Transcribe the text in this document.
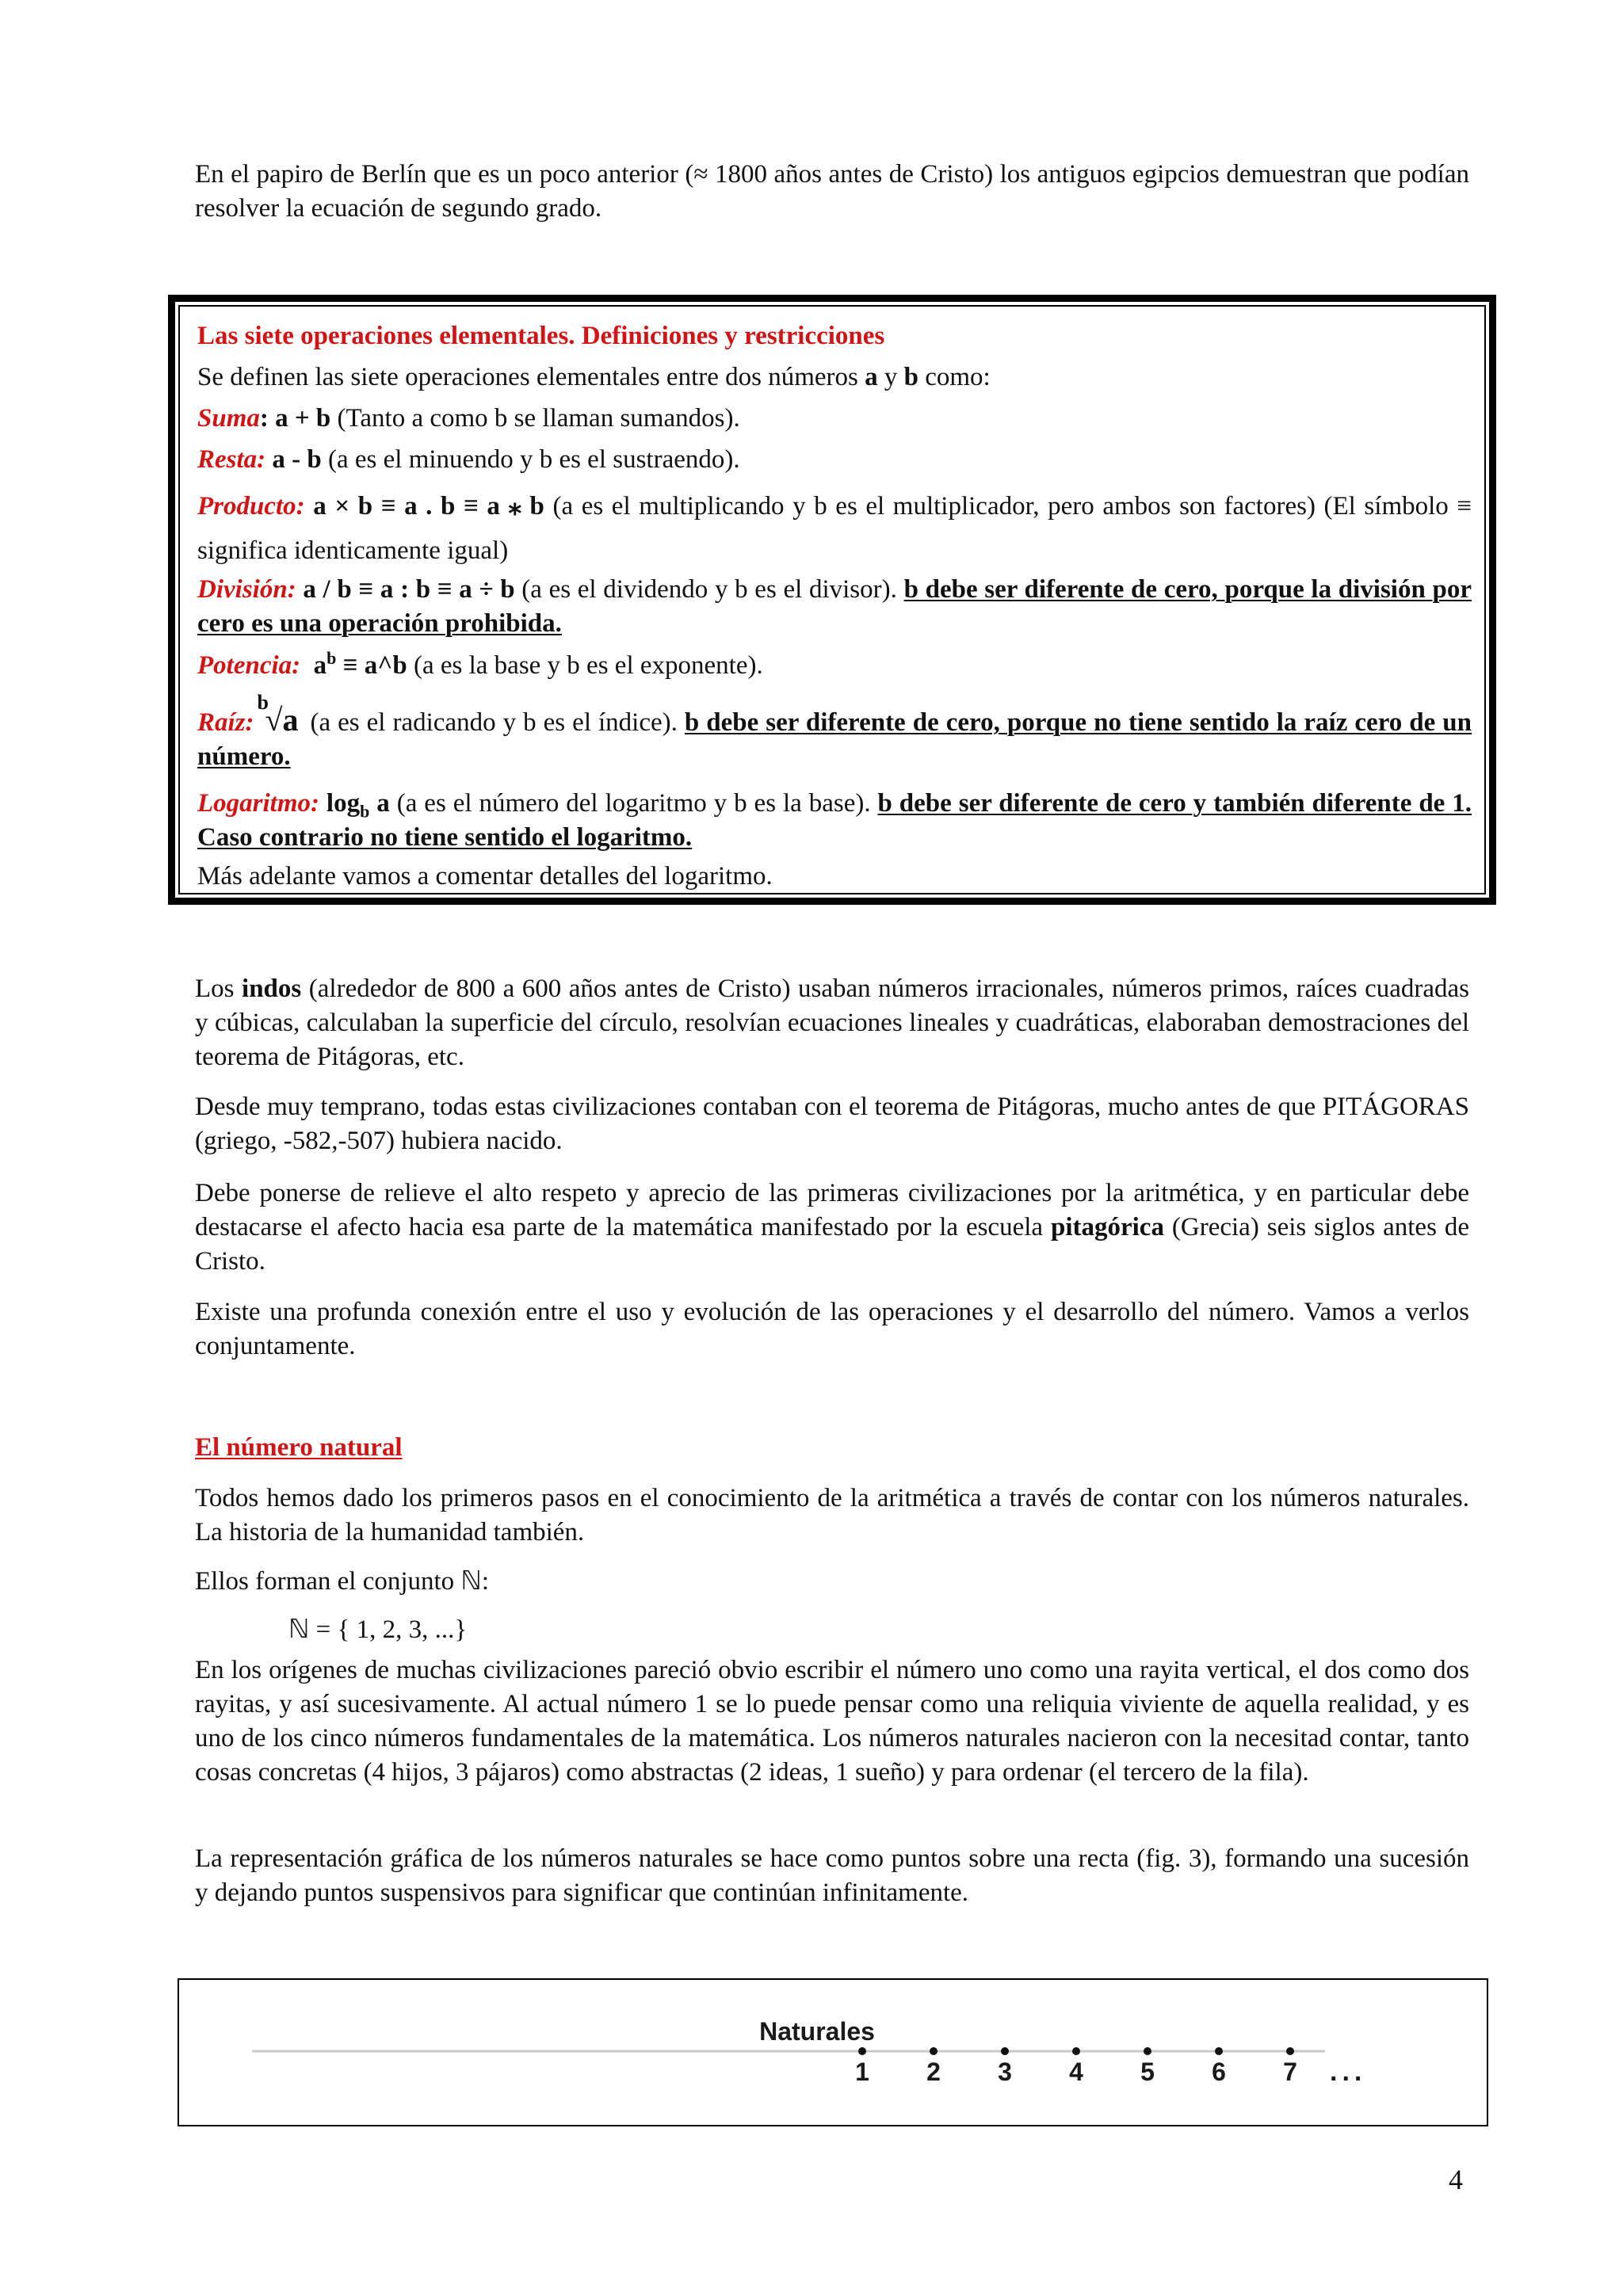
En el papiro de Berlín que es un poco anterior (≈ 1800 años antes de Cristo) los antiguos egipcios demuestran que podían resolver la ecuación de segundo grado.

Las siete operaciones elementales. Definiciones y restricciones

Se definen las siete operaciones elementales entre dos números a y b como:

Suma: a + b (Tanto a como b se llaman sumandos).

Resta: a - b (a es el minuendo y b es el sustraendo).

Producto: a × b ≡ a . b ≡ a ⁎ b (a es el multiplicando y b es el multiplicador, pero ambos son factores) (El símbolo ≡ significa identicamente igual)

División: a / b ≡ a : b ≡ a ÷ b (a es el dividendo y b es el divisor). b debe ser diferente de cero, porque la división por cero es una operación prohibida.

Potencia: $a^b$ ≡ a^b (a es la base y b es el exponente).

Raíz:
b
√a (a es el radicando y b es el índice). b debe ser diferente de cero, porque no tiene sentido la raíz cero de un número.

Logaritmo: $\log_b a$ (a es el número del logaritmo y b es la base). b debe ser diferente de cero y también diferente de 1. Caso contrario no tiene sentido el logaritmo.

Más adelante vamos a comentar detalles del logaritmo.

Los indos (alrededor de 800 a 600 años antes de Cristo) usaban números irracionales, números primos, raíces cuadradas y cúbicas, calculaban la superficie del círculo, resolvían ecuaciones lineales y cuadráticas, elaboraban demostraciones del teorema de Pitágoras, etc.

Desde muy temprano, todas estas civilizaciones contaban con el teorema de Pitágoras, mucho antes de que PITÁGORAS (griego, -582,-507) hubiera nacido.

Debe ponerse de relieve el alto respeto y aprecio de las primeras civilizaciones por la aritmética, y en particular debe destacarse el afecto hacia esa parte de la matemática manifestado por la escuela pitagórica (Grecia) seis siglos antes de Cristo.

Existe una profunda conexión entre el uso y evolución de las operaciones y el desarrollo del número. Vamos a verlos conjuntamente.

El número natural

Todos hemos dado los primeros pasos en el conocimiento de la aritmética a través de contar con los números naturales. La historia de la humanidad también.

Ellos forman el conjunto ℕ:

ℕ = { 1, 2, 3, ...}

En los orígenes de muchas civilizaciones pareció obvio escribir el número uno como una rayita vertical, el dos como dos rayitas, y así sucesivamente. Al actual número 1 se lo puede pensar como una reliquia viviente de aquella realidad, y es uno de los cinco números fundamentales de la matemática. Los números naturales nacieron con la necesitad contar, tanto cosas concretas (4 hijos, 3 pájaros) como abstractas (2 ideas, 1 sueño) y para ordenar (el tercero de la fila).

La representación gráfica de los números naturales se hace como puntos sobre una recta (fig. 3), formando una sucesión y dejando puntos suspensivos para significar que continúan infinitamente.

Naturales
1 2 3 4 5 6 7 ...
4
